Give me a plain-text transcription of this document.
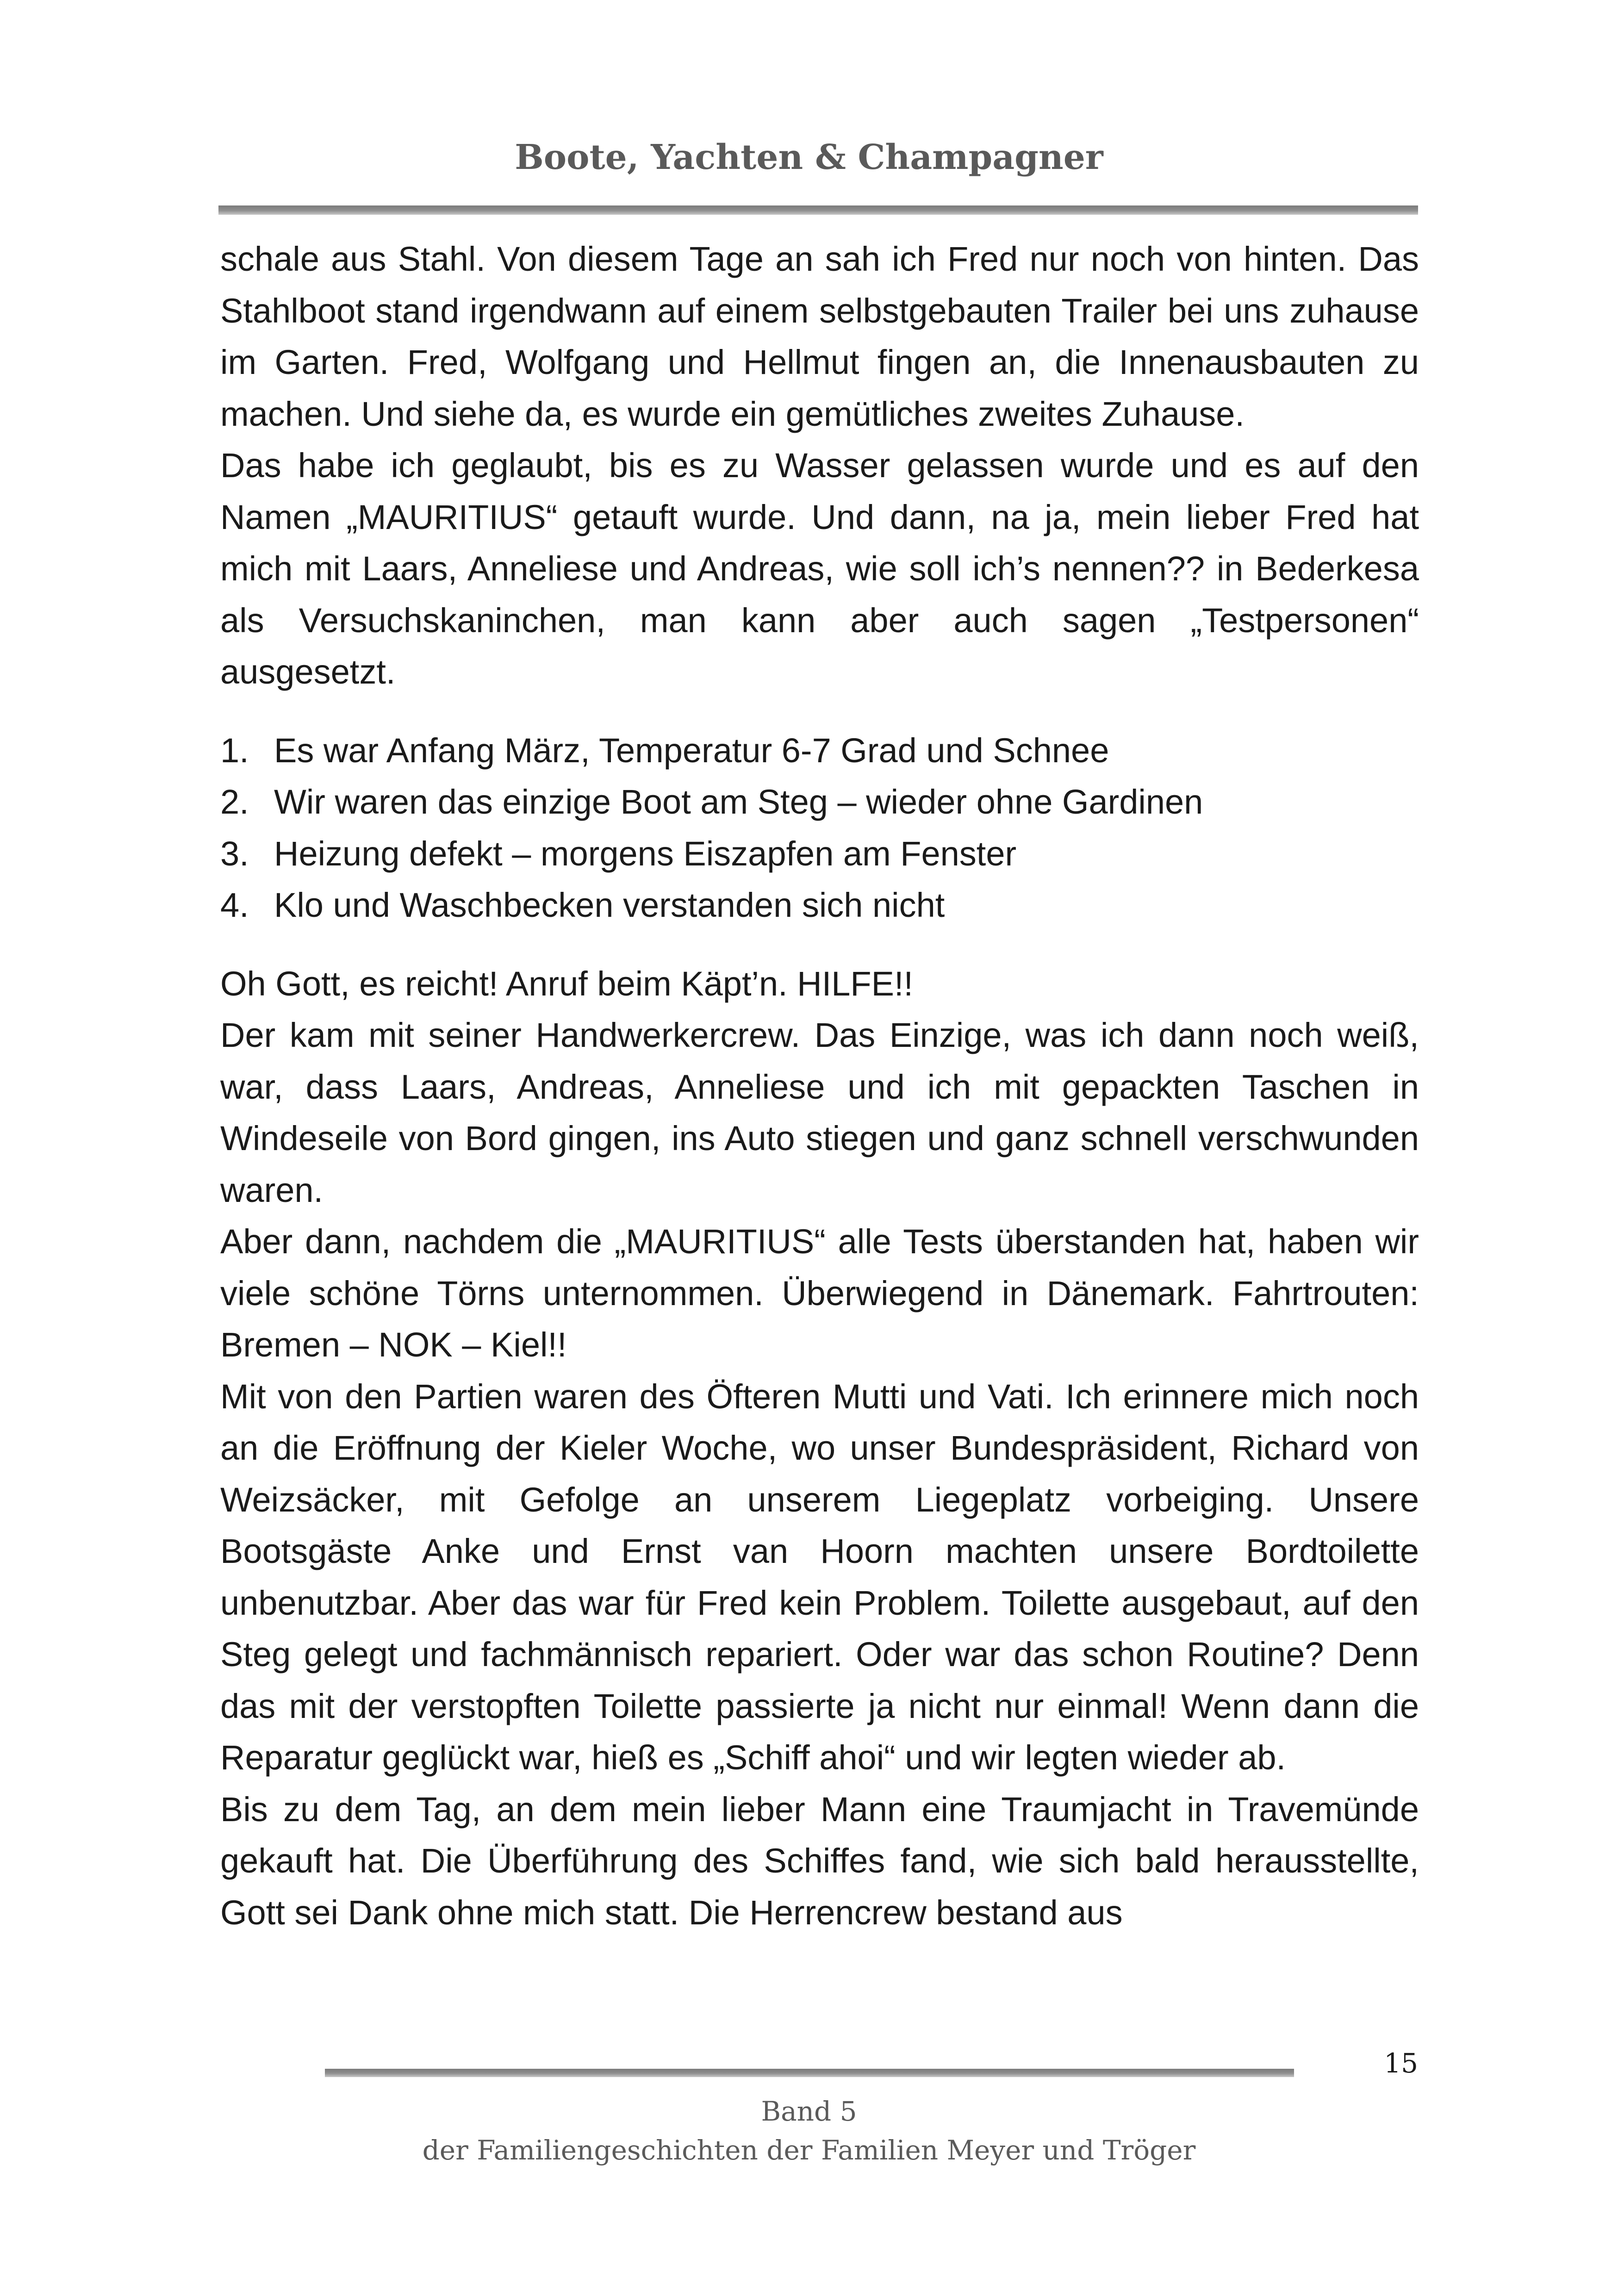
Boote, Yachten & Champagner

schale aus Stahl. Von diesem Tage an sah ich Fred nur noch von hinten. Das Stahlboot stand irgendwann auf einem selbstgebauten Trailer bei uns zuhause im Garten. Fred, Wolfgang und Hellmut fingen an, die Innenausbauten zu machen. Und siehe da, es wurde ein gemütliches zweites Zuhause.

Das habe ich geglaubt, bis es zu Wasser gelassen wurde und es auf den Namen „MAURITIUS“ getauft wurde. Und dann, na ja, mein lieber Fred hat mich mit Laars, Anneliese und Andreas, wie soll ich’s nennen?? in Bederkesa als Versuchskaninchen, man kann aber auch sagen „Testpersonen“ ausgesetzt.

1. Es war Anfang März, Temperatur 6-7 Grad und Schnee
2. Wir waren das einzige Boot am Steg – wieder ohne Gardinen
3. Heizung defekt – morgens Eiszapfen am Fenster
4. Klo und Waschbecken verstanden sich nicht

Oh Gott, es reicht! Anruf beim Käpt’n. HILFE!!

Der kam mit seiner Handwerkercrew. Das Einzige, was ich dann noch weiß, war, dass Laars, Andreas, Anneliese und ich mit gepackten Taschen in Windeseile von Bord gingen, ins Auto stiegen und ganz schnell verschwunden waren.

Aber dann, nachdem die „MAURITIUS“ alle Tests überstanden hat, haben wir viele schöne Törns unternommen. Überwiegend in Dänemark. Fahrtrouten: Bremen – NOK – Kiel!!

Mit von den Partien waren des Öfteren Mutti und Vati. Ich erinnere mich noch an die Eröffnung der Kieler Woche, wo unser Bundespräsident, Richard von Weizsäcker, mit Gefolge an unserem Liegeplatz vorbeiging. Unsere Bootsgäste Anke und Ernst van Hoorn machten unsere Bordtoilette unbenutzbar. Aber das war für Fred kein Problem. Toilette ausgebaut, auf den Steg gelegt und fachmännisch repariert. Oder war das schon Routine? Denn das mit der verstopften Toilette passierte ja nicht nur einmal! Wenn dann die Reparatur geglückt war, hieß es „Schiff ahoi“ und wir legten wieder ab.

Bis zu dem Tag, an dem mein lieber Mann eine Traumjacht in Travemünde gekauft hat. Die Überführung des Schiffes fand, wie sich bald herausstellte, Gott sei Dank ohne mich statt. Die Herrencrew bestand aus

15
Band 5
der Familiengeschichten der Familien Meyer und Tröger
